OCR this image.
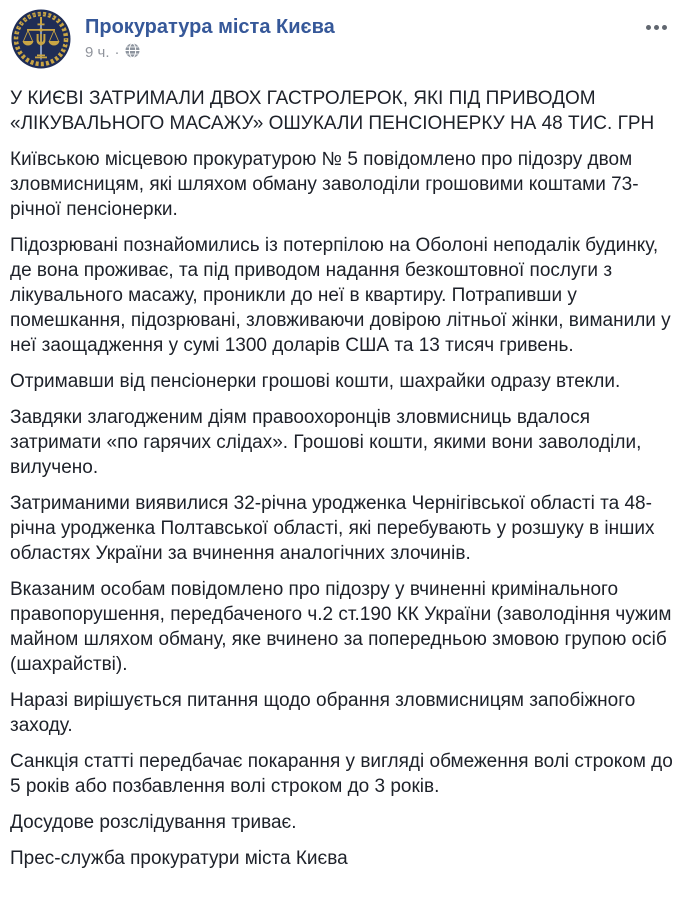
Прокуратура міста Києва
9 ч. ·

У КИЄВІ ЗАТРИМАЛИ ДВОХ ГАСТРОЛЕРОК, ЯКІ ПІД ПРИВОДОМ «ЛІКУВАЛЬНОГО МАСАЖУ» ОШУКАЛИ ПЕНСІОНЕРКУ НА 48 ТИС. ГРН

Київською місцевою прокуратурою № 5 повідомлено про підозру двом зловмисницям, які шляхом обману заволоділи грошовими коштами 73-річної пенсіонерки.

Підозрювані познайомились із потерпілою на Оболоні неподалік будинку, де вона проживає, та під приводом надання безкоштовної послуги з лікувального масажу, проникли до неї в квартиру. Потрапивши у помешкання, підозрювані, зловживаючи довірою літньої жінки, виманили у неї заощадження у сумі 1300 доларів США та 13 тисяч гривень.

Отримавши від пенсіонерки грошові кошти, шахрайки одразу втекли.

Завдяки злагодженим діям правоохоронців зловмисниць вдалося затримати «по гарячих слідах». Грошові кошти, якими вони заволоділи, вилучено.

Затриманими виявилися 32-річна уродженка Чернігівської області та 48-річна уродженка Полтавської області, які перебувають у розшуку в інших областях України за вчинення аналогічних злочинів.

Вказаним особам повідомлено про підозру у вчиненні кримінального правопорушення, передбаченого ч.2 ст.190 КК України (заволодіння чужим майном шляхом обману, яке вчинено за попередньою змовою групою осіб (шахрайстві).

Наразі вирішується питання щодо обрання зловмисницям запобіжного заходу.

Санкція статті передбачає покарання у вигляді обмеження волі строком до 5 років або позбавлення волі строком до 3 років.

Досудове розслідування триває.

Прес-служба прокуратури міста Києва
